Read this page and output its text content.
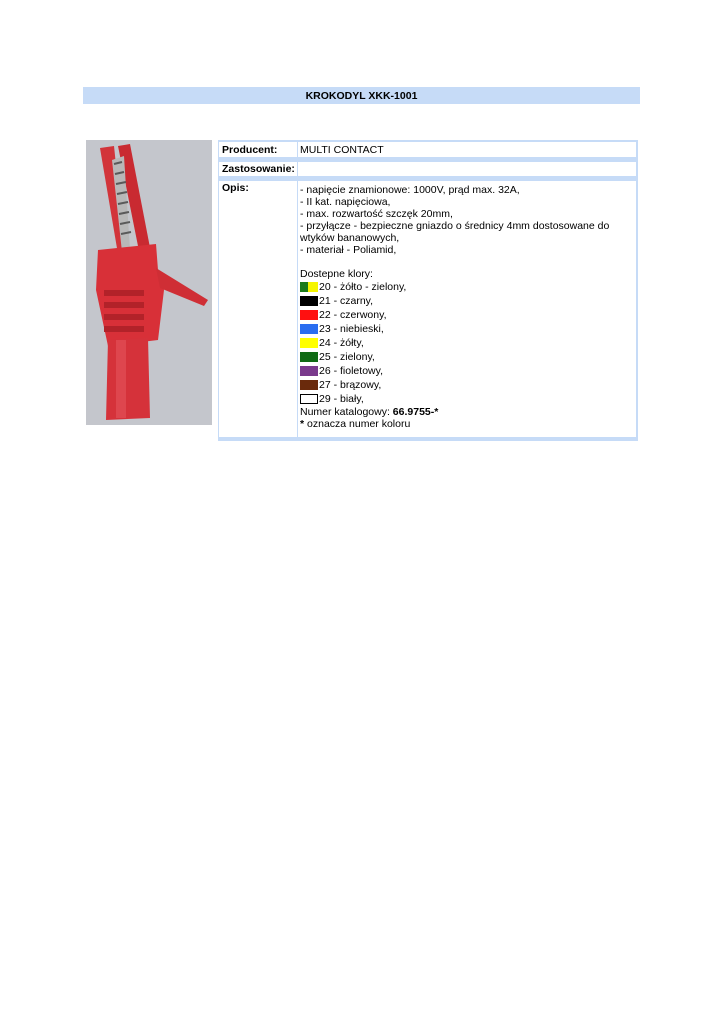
KROKODYL XKK-1001
Producent: MULTI CONTACT
Zastosowanie:
Opis:	- napięcie znamionowe: 1000V, prąd max. 32A,

- II kat. napięciowa,

- max. rozwartość szczęk 20mm,

- przyłącze - bezpieczne gniazdo o średnicy 4mm dostosowane do wtyków bananowych,

- materiał - Poliamid,

Dostepne klory:

20 - żółto - zielony,
21 - czarny,
22 - czerwony,
23 - niebieski,
24 - żółty,
25 - zielony,
26 - fioletowy,
27 - brązowy,
29 - biały,

Numer katalogowy: 66.9755-*

* oznacza numer koloru
